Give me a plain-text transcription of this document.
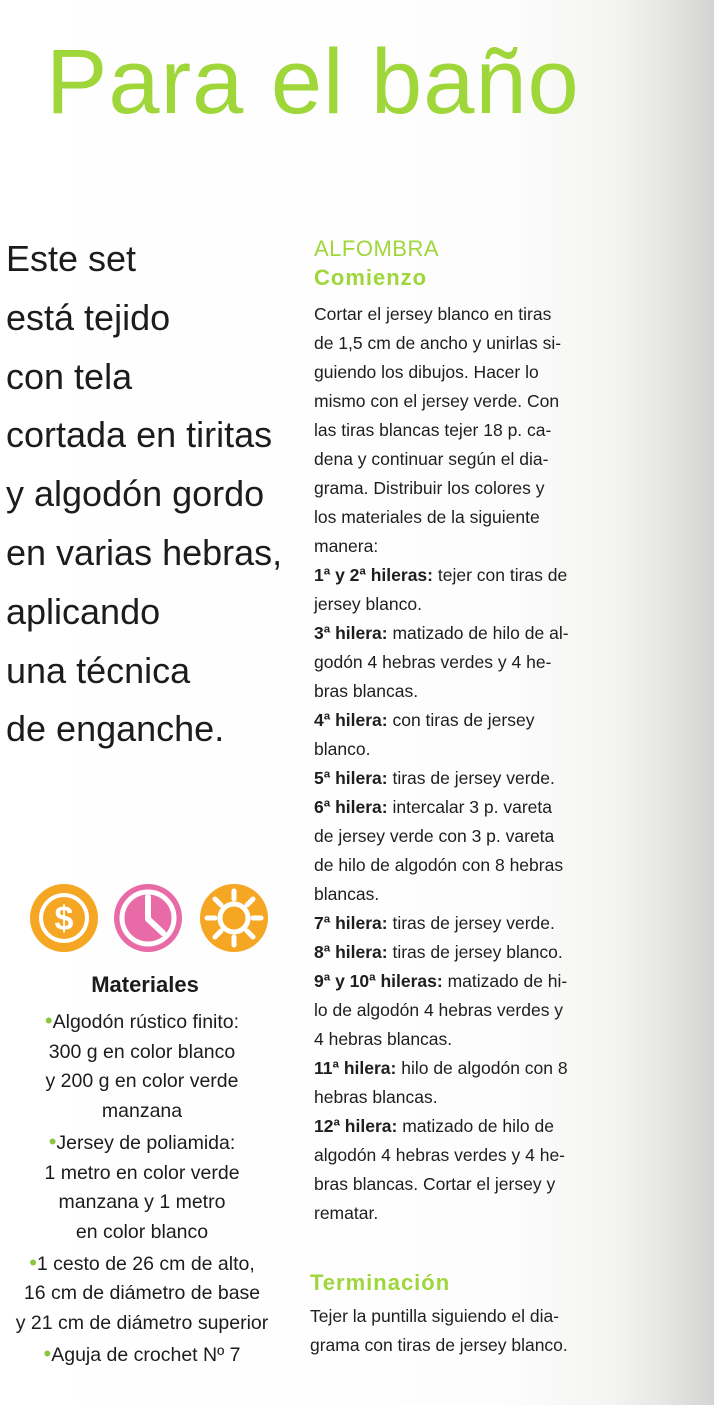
Para el baño
Este set
está tejido
con tela
cortada en tiritas
y algodón gordo
en varias hebras,
aplicando
una técnica
de enganche.
$
Materiales
•Algodón rústico finito:
300 g en color blanco
y 200 g en color verde
manzana
•Jersey de poliamida:
1 metro en color verde
manzana y 1 metro
en color blanco
•1 cesto de 26 cm de alto,
16 cm de diámetro de base
y 21 cm de diámetro superior
•Aguja de crochet Nº 7
ALFOMBRA
Comienzo
Cortar el jersey blanco en tiras
de 1,5 cm de ancho y unirlas si-
guiendo los dibujos. Hacer lo
mismo con el jersey verde. Con
las tiras blancas tejer 18 p. ca-
dena y continuar según el dia-
grama. Distribuir los colores y
los materiales de la siguiente
manera:
1ª y 2ª hileras: tejer con tiras de
jersey blanco.
3ª hilera: matizado de hilo de al-
godón 4 hebras verdes y 4 he-
bras blancas.
4ª hilera: con tiras de jersey
blanco.
5ª hilera: tiras de jersey verde.
6ª hilera: intercalar 3 p. vareta
de jersey verde con 3 p. vareta
de hilo de algodón con 8 hebras
blancas.
7ª hilera: tiras de jersey verde.
8ª hilera: tiras de jersey blanco.
9ª y 10ª hileras: matizado de hi-
lo de algodón 4 hebras verdes y
4 hebras blancas.
11ª hilera: hilo de algodón con 8
hebras blancas.
12ª hilera: matizado de hilo de
algodón 4 hebras verdes y 4 he-
bras blancas. Cortar el jersey y
rematar.
Terminación
Tejer la puntilla siguiendo el dia-
grama con tiras de jersey blanco.
